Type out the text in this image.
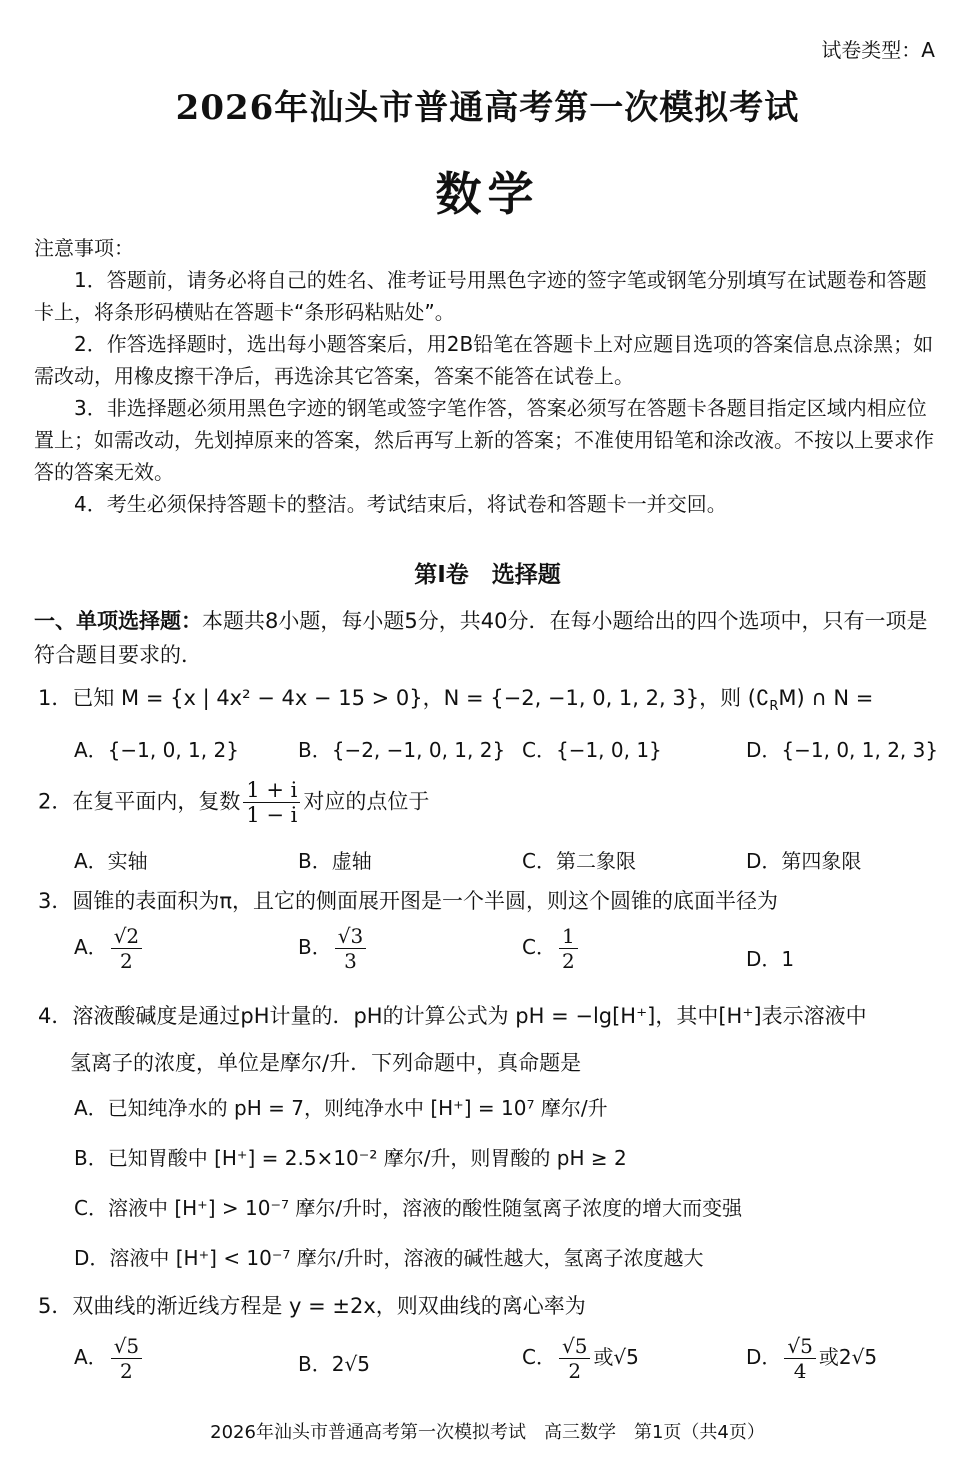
试卷类型：A
2026年汕头市普通高考第一次模拟考试
数学
注意事项：
1．答题前，请务必将自己的姓名、准考证号用黑色字迹的签字笔或钢笔分别填写在试题卷和答题卡上，将条形码横贴在答题卡“条形码粘贴处”。
2．作答选择题时，选出每小题答案后，用2B铅笔在答题卡上对应题目选项的答案信息点涂黑；如需改动，用橡皮擦干净后，再选涂其它答案，答案不能答在试卷上。
3．非选择题必须用黑色字迹的钢笔或签字笔作答，答案必须写在答题卡各题目指定区域内相应位置上；如需改动，先划掉原来的答案，然后再写上新的答案；不准使用铅笔和涂改液。不按以上要求作答的答案无效。
4．考生必须保持答题卡的整洁。考试结束后，将试卷和答题卡一并交回。
第Ⅰ卷　选择题
一、单项选择题：本题共8小题，每小题5分，共40分．在每小题给出的四个选项中，只有一项是符合题目要求的．
1．已知 M = {x | 4x² − 4x − 15 > 0}，N = {−2, −1, 0, 1, 2, 3}，则 $(∁_RM)$ ∩ N =
A．{−1, 0, 1, 2}	B．{−2, −1, 0, 1, 2} C．{−1, 0, 1}	D．{−1, 0, 1, 2, 3}
2．在复平面内，复数 $\frac{1 + i}{1 - i}$ 对应的点位于
A．实轴	B．虚轴	C．第二象限	D．第四象限
3．圆锥的表面积为π，且它的侧面展开图是一个半圆，则这个圆锥的底面半径为
A． $\frac{√2}{2}$	B． $\frac{√3}{3}$	C． $\frac{1}{2}$	D．1
4．溶液酸碱度是通过pH计量的．pH的计算公式为 pH = −lg[H⁺]，其中[H⁺]表示溶液中
氢离子的浓度，单位是摩尔/升．下列命题中，真命题是
A．已知纯净水的 pH = 7，则纯净水中 [H⁺] = 10⁷ 摩尔/升
B．已知胃酸中 [H⁺] = 2.5×10⁻² 摩尔/升，则胃酸的 pH ≥ 2
C．溶液中 [H⁺] > 10⁻⁷ 摩尔/升时，溶液的酸性随氢离子浓度的增大而变强
D．溶液中 [H⁺] < 10⁻⁷ 摩尔/升时，溶液的碱性越大，氢离子浓度越大
5．双曲线的渐近线方程是 y = ±2x，则双曲线的离心率为
A． $\frac{√5}{2}$	B．2√5	C． $\frac{√5}{2}$ 或√5	D． $\frac{√5}{4}$ 或2√5
2026年汕头市普通高考第一次模拟考试　高三数学　第1页（共4页）
